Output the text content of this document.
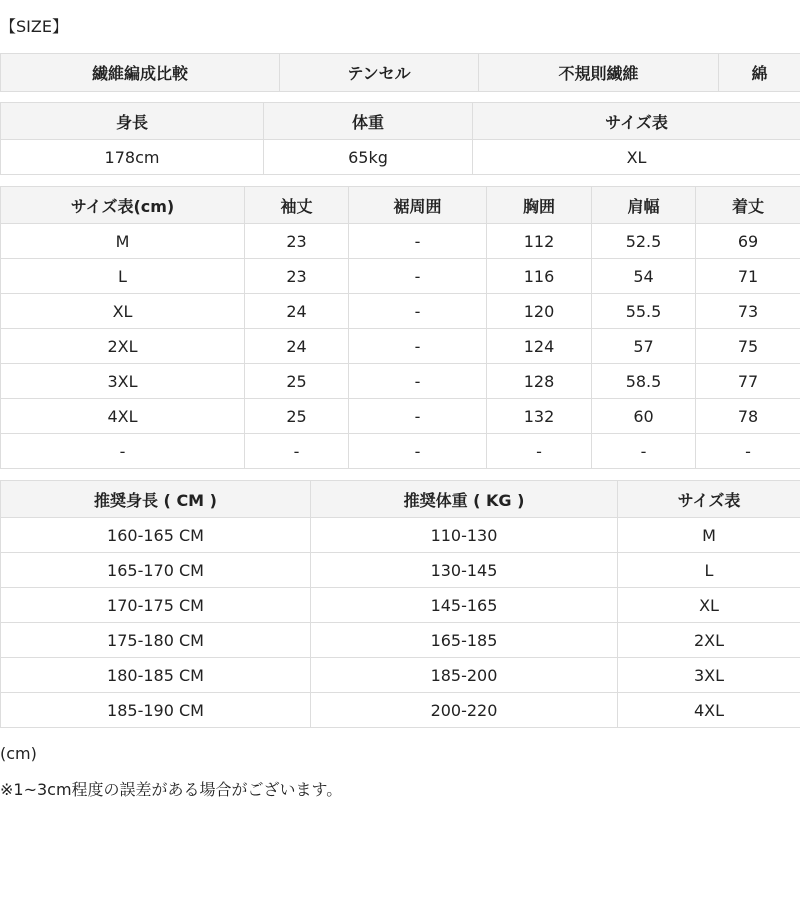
【SIZE】
繊維編成比較	テンセル	不規則繊維	綿
身長	体重	サイズ表
178cm	65kg	XL
サイズ表(cm)	袖丈	裾周囲	胸囲	肩幅	着丈
M	23	-	112	52.5	69
L	23	-	116	54	71
XL	24	-	120	55.5	73
2XL	24	-	124	57	75
3XL	25	-	128	58.5	77
4XL	25	-	132	60	78
-	-	-	-	-	-
推奨身長 ( CM )	推奨体重 ( KG )	サイズ表
160-165 CM	110-130	M
165-170 CM	130-145	L
170-175 CM	145-165	XL
175-180 CM	165-185	2XL
180-185 CM	185-200	3XL
185-190 CM	200-220	4XL
(cm)
※1~3cm程度の誤差がある場合がございます。
